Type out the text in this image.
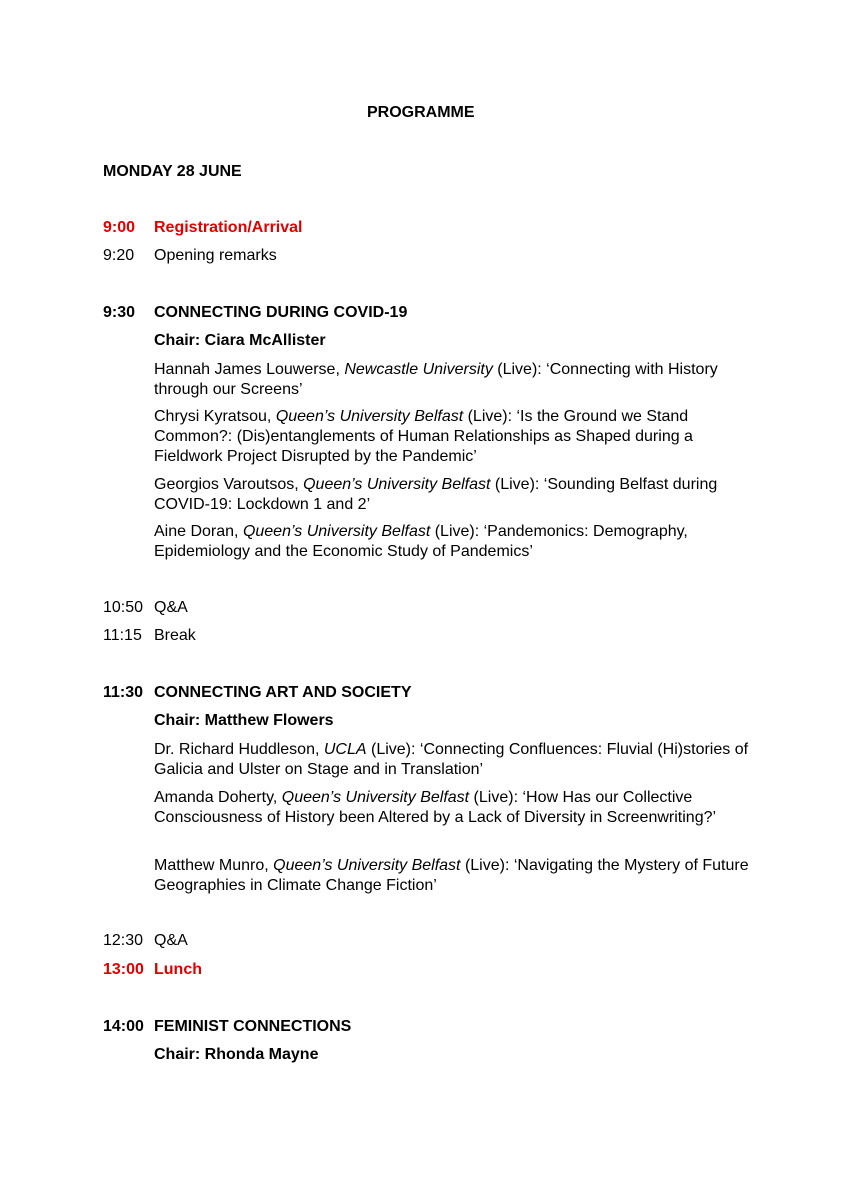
PROGRAMME
MONDAY 28 JUNE
9:00 Registration/Arrival
9:20 Opening remarks
9:30 CONNECTING DURING COVID-19
Chair: Ciara McAllister
Hannah James Louwerse, Newcastle University (Live): ‘Connecting with History through our Screens’
Chrysi Kyratsou, Queen’s University Belfast (Live): ‘Is the Ground we Stand Common?: (Dis)entanglements of Human Relationships as Shaped during a Fieldwork Project Disrupted by the Pandemic’
Georgios Varoutsos, Queen’s University Belfast (Live): ‘Sounding Belfast during COVID-19: Lockdown 1 and 2’
Aine Doran, Queen’s University Belfast (Live): ‘Pandemonics: Demography, Epidemiology and the Economic Study of Pandemics’
10:50 Q&A
11:15 Break
11:30 CONNECTING ART AND SOCIETY
Chair: Matthew Flowers
Dr. Richard Huddleson, UCLA (Live): ‘Connecting Confluences: Fluvial (Hi)stories of Galicia and Ulster on Stage and in Translation’
Amanda Doherty, Queen’s University Belfast (Live): ‘How Has our Collective Consciousness of History been Altered by a Lack of Diversity in Screenwriting?’
Matthew Munro, Queen’s University Belfast (Live): ‘Navigating the Mystery of Future Geographies in Climate Change Fiction’
12:30 Q&A
13:00 Lunch
14:00 FEMINIST CONNECTIONS
Chair: Rhonda Mayne
